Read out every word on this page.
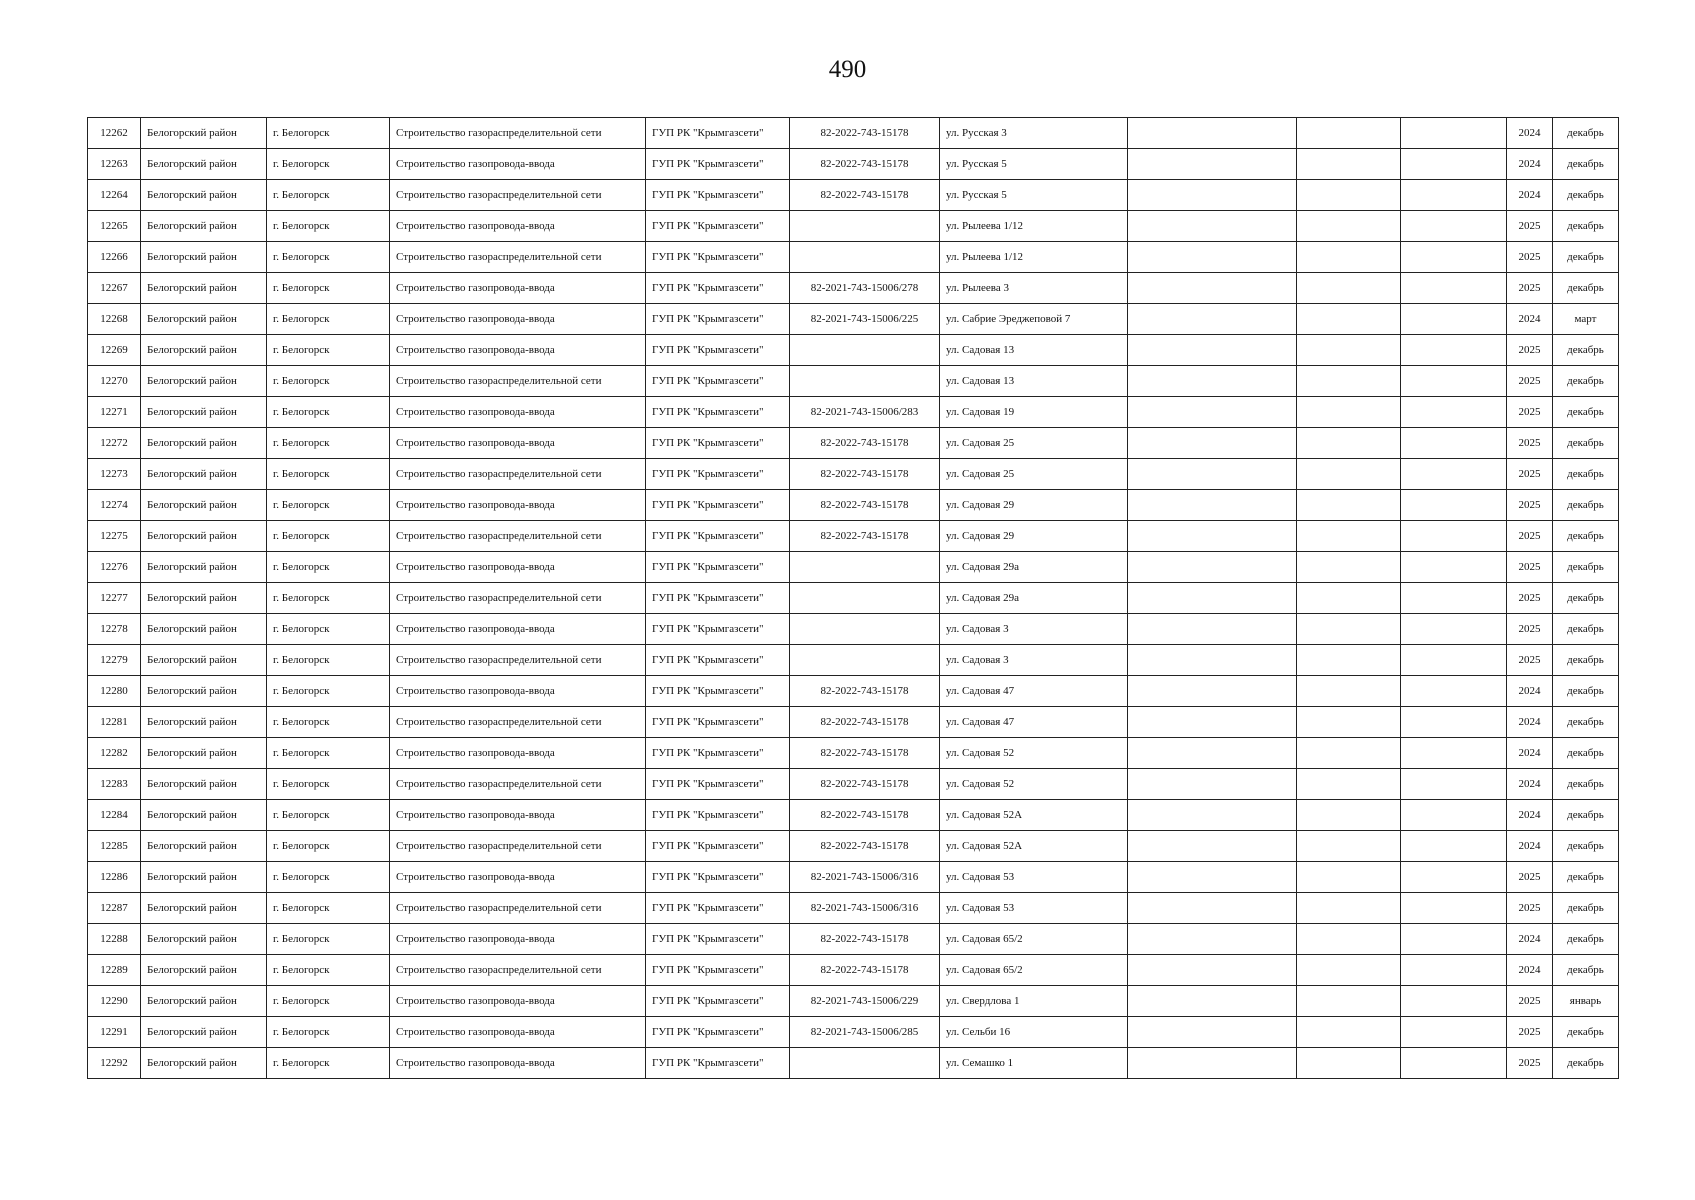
490
12262	Белогорский район	г. Белогорск	Строительство газораспределительной сети	ГУП РК "Крымгазсети"	82-2022-743-15178	ул. Русская 3				2024	декабрь
12263	Белогорский район	г. Белогорск	Строительство газопровода-ввода	ГУП РК "Крымгазсети"	82-2022-743-15178	ул. Русская 5				2024	декабрь
12264	Белогорский район	г. Белогорск	Строительство газораспределительной сети	ГУП РК "Крымгазсети"	82-2022-743-15178	ул. Русская 5				2024	декабрь
12265	Белогорский район	г. Белогорск	Строительство газопровода-ввода	ГУП РК "Крымгазсети"		ул. Рылеева 1/12				2025	декабрь
12266	Белогорский район	г. Белогорск	Строительство газораспределительной сети	ГУП РК "Крымгазсети"		ул. Рылеева 1/12				2025	декабрь
12267	Белогорский район	г. Белогорск	Строительство газопровода-ввода	ГУП РК "Крымгазсети"	82-2021-743-15006/278	ул. Рылеева 3				2025	декабрь
12268	Белогорский район	г. Белогорск	Строительство газопровода-ввода	ГУП РК "Крымгазсети"	82-2021-743-15006/225	ул. Сабрие Эреджеповой 7				2024	март
12269	Белогорский район	г. Белогорск	Строительство газопровода-ввода	ГУП РК "Крымгазсети"		ул. Садовая 13				2025	декабрь
12270	Белогорский район	г. Белогорск	Строительство газораспределительной сети	ГУП РК "Крымгазсети"		ул. Садовая 13				2025	декабрь
12271	Белогорский район	г. Белогорск	Строительство газопровода-ввода	ГУП РК "Крымгазсети"	82-2021-743-15006/283	ул. Садовая 19				2025	декабрь
12272	Белогорский район	г. Белогорск	Строительство газопровода-ввода	ГУП РК "Крымгазсети"	82-2022-743-15178	ул. Садовая 25				2025	декабрь
12273	Белогорский район	г. Белогорск	Строительство газораспределительной сети	ГУП РК "Крымгазсети"	82-2022-743-15178	ул. Садовая 25				2025	декабрь
12274	Белогорский район	г. Белогорск	Строительство газопровода-ввода	ГУП РК "Крымгазсети"	82-2022-743-15178	ул. Садовая 29				2025	декабрь
12275	Белогорский район	г. Белогорск	Строительство газораспределительной сети	ГУП РК "Крымгазсети"	82-2022-743-15178	ул. Садовая 29				2025	декабрь
12276	Белогорский район	г. Белогорск	Строительство газопровода-ввода	ГУП РК "Крымгазсети"		ул. Садовая 29а				2025	декабрь
12277	Белогорский район	г. Белогорск	Строительство газораспределительной сети	ГУП РК "Крымгазсети"		ул. Садовая 29а				2025	декабрь
12278	Белогорский район	г. Белогорск	Строительство газопровода-ввода	ГУП РК "Крымгазсети"		ул. Садовая 3				2025	декабрь
12279	Белогорский район	г. Белогорск	Строительство газораспределительной сети	ГУП РК "Крымгазсети"		ул. Садовая 3				2025	декабрь
12280	Белогорский район	г. Белогорск	Строительство газопровода-ввода	ГУП РК "Крымгазсети"	82-2022-743-15178	ул. Садовая 47				2024	декабрь
12281	Белогорский район	г. Белогорск	Строительство газораспределительной сети	ГУП РК "Крымгазсети"	82-2022-743-15178	ул. Садовая 47				2024	декабрь
12282	Белогорский район	г. Белогорск	Строительство газопровода-ввода	ГУП РК "Крымгазсети"	82-2022-743-15178	ул. Садовая 52				2024	декабрь
12283	Белогорский район	г. Белогорск	Строительство газораспределительной сети	ГУП РК "Крымгазсети"	82-2022-743-15178	ул. Садовая 52				2024	декабрь
12284	Белогорский район	г. Белогорск	Строительство газопровода-ввода	ГУП РК "Крымгазсети"	82-2022-743-15178	ул. Садовая 52А				2024	декабрь
12285	Белогорский район	г. Белогорск	Строительство газораспределительной сети	ГУП РК "Крымгазсети"	82-2022-743-15178	ул. Садовая 52А				2024	декабрь
12286	Белогорский район	г. Белогорск	Строительство газопровода-ввода	ГУП РК "Крымгазсети"	82-2021-743-15006/316	ул. Садовая 53				2025	декабрь
12287	Белогорский район	г. Белогорск	Строительство газораспределительной сети	ГУП РК "Крымгазсети"	82-2021-743-15006/316	ул. Садовая 53				2025	декабрь
12288	Белогорский район	г. Белогорск	Строительство газопровода-ввода	ГУП РК "Крымгазсети"	82-2022-743-15178	ул. Садовая 65/2				2024	декабрь
12289	Белогорский район	г. Белогорск	Строительство газораспределительной сети	ГУП РК "Крымгазсети"	82-2022-743-15178	ул. Садовая 65/2				2024	декабрь
12290	Белогорский район	г. Белогорск	Строительство газопровода-ввода	ГУП РК "Крымгазсети"	82-2021-743-15006/229	ул. Свердлова 1				2025	январь
12291	Белогорский район	г. Белогорск	Строительство газопровода-ввода	ГУП РК "Крымгазсети"	82-2021-743-15006/285	ул. Сельби 16				2025	декабрь
12292	Белогорский район	г. Белогорск	Строительство газопровода-ввода	ГУП РК "Крымгазсети"		ул. Семашко 1				2025	декабрь
